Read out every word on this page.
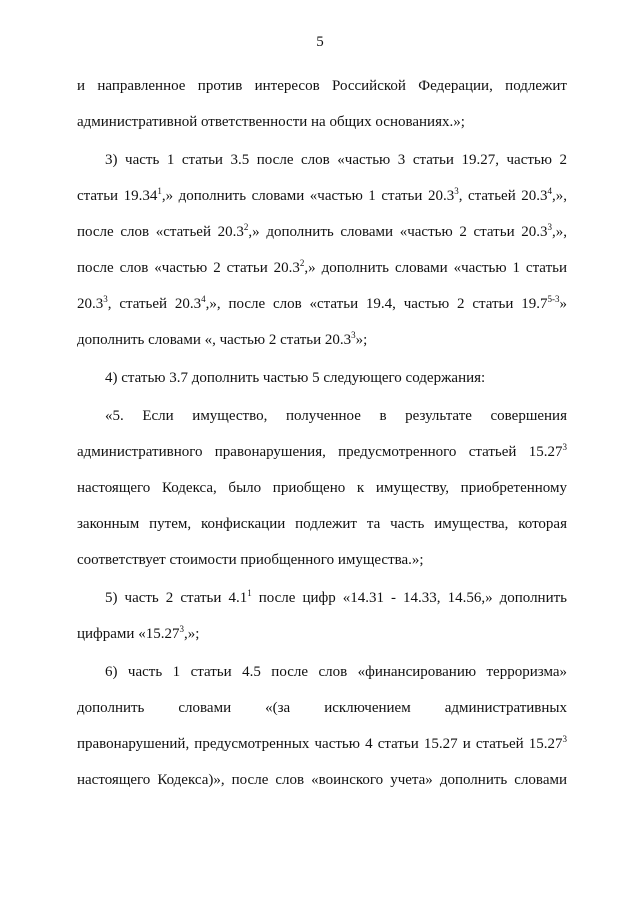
5
и направленное против интересов Российской Федерации, подлежит
административной ответственности на общих основаниях.»;
3) часть 1 статьи 3.5 после слов «частью 3 статьи 19.27, частью 2
статьи 19.34$^1$,» дополнить словами «частью 1 статьи 20.3$^3$, статьей 20.3$^4$,»,
после слов «статьей 20.3$^2$,» дополнить словами «частью 2 статьи 20.3$^3$,»,
после слов «частью 2 статьи 20.3$^2$,» дополнить словами «частью 1 статьи
20.3$^3$, статьей 20.3$^4$,», после слов «статьи 19.4, частью 2 статьи 19.7$^{5-3}$»
дополнить словами «, частью 2 статьи 20.3$^3$»;
4) статью 3.7 дополнить частью 5 следующего содержания:
«5. Если имущество, полученное в результате совершения
административного правонарушения, предусмотренного статьей 15.27$^3$
настоящего Кодекса, было приобщено к имуществу, приобретенному
законным путем, конфискации подлежит та часть имущества, которая
соответствует стоимости приобщенного имущества.»;
5) часть 2 статьи $4.1^1$ после цифр «14.31 - 14.33, 14.56,» дополнить
цифрами «15.27$^3$,»;
6) часть 1 статьи 4.5 после слов «финансированию терроризма»
дополнить словами «(за исключением административных
правонарушений, предусмотренных частью 4 статьи 15.27 и статьей 15.27$^3$
настоящего Кодекса)», после слов «воинского учета» дополнить словами
